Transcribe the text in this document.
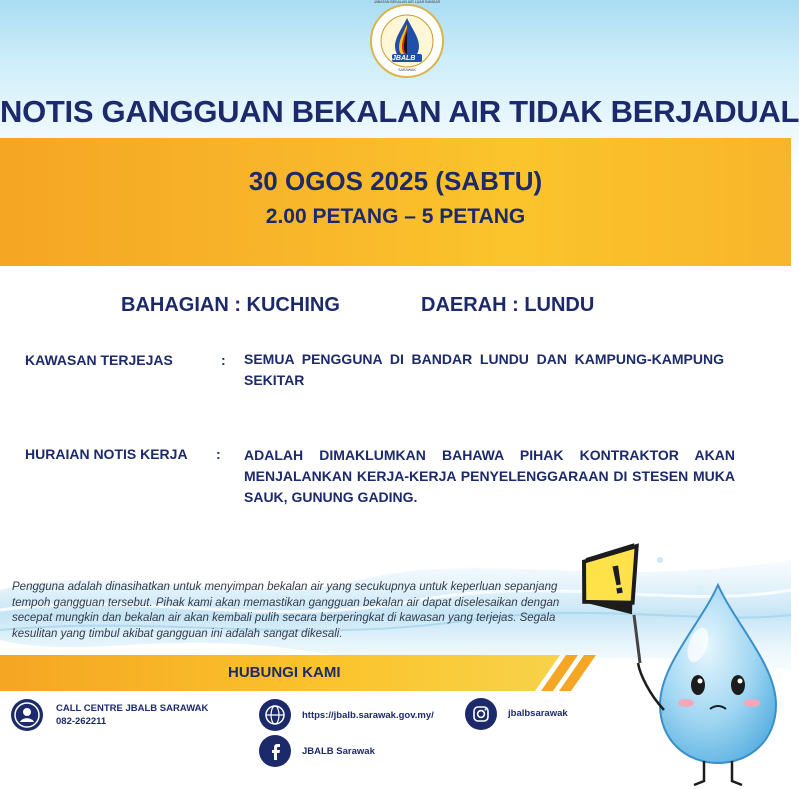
JBALB
JABATAN BEKALAN AIR LUAR BANDAR
SARAWAK
NOTIS GANGGUAN BEKALAN AIR TIDAK BERJADUAL
30 OGOS 2025 (SABTU)
2.00 PETANG – 5 PETANG
BAHAGIAN : KUCHING	DAERAH : LUNDU
KAWASAN TERJEJAS	: SEMUA PENGGUNA DI BANDAR LUNDU DAN KAMPUNG-KAMPUNG SEKITAR
HURAIAN NOTIS KERJA : ADALAH DIMAKLUMKAN BAHAWA PIHAK KONTRAKTOR AKAN MENJALANKAN KERJA-KERJA PENYELENGGARAAN DI STESEN MUKA SAUK, GUNUNG GADING.
Pengguna adalah dinasihatkan untuk menyimpan bekalan air yang secukupnya untuk keperluan sepanjang tempoh gangguan tersebut. Pihak kami akan memastikan gangguan bekalan air dapat diselesaikan dengan secepat mungkin dan bekalan air akan kembali pulih secara berperingkat di kawasan yang terjejas. Segala kesulitan yang timbul akibat gangguan ini adalah sangat dikesali.
HUBUNGI KAMI
CALL CENTRE JBALB SARAWAK
082-262211
https://jbalb.sarawak.gov.my/	jbalbsarawak
JBALB Sarawak
!
